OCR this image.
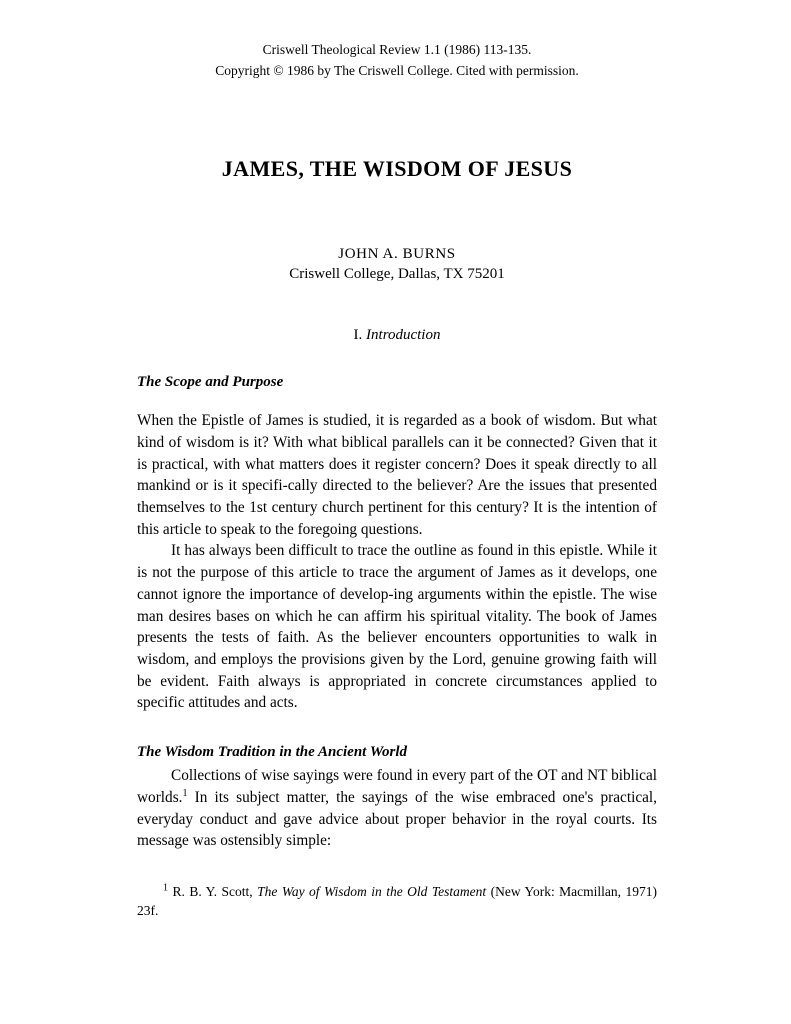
Criswell Theological Review 1.1 (1986) 113-135.
Copyright © 1986 by The Criswell College. Cited with permission.
JAMES, THE WISDOM OF JESUS
JOHN A. BURNS
Criswell College, Dallas, TX 75201
I. Introduction
The Scope and Purpose

When the Epistle of James is studied, it is regarded as a book of wisdom. But what kind of wisdom is it? With what biblical parallels can it be connected? Given that it is practical, with what matters does it register concern? Does it speak directly to all mankind or is it specifi-cally directed to the believer? Are the issues that presented themselves to the 1st century church pertinent for this century? It is the intention of this article to speak to the foregoing questions.

It has always been difficult to trace the outline as found in this epistle. While it is not the purpose of this article to trace the argument of James as it develops, one cannot ignore the importance of develop-ing arguments within the epistle. The wise man desires bases on which he can affirm his spiritual vitality. The book of James presents the tests of faith. As the believer encounters opportunities to walk in wisdom, and employs the provisions given by the Lord, genuine growing faith will be evident. Faith always is appropriated in concrete circumstances applied to specific attitudes and acts.

The Wisdom Tradition in the Ancient World

Collections of wise sayings were found in every part of the OT and NT biblical worlds.$^1$ In its subject matter, the sayings of the wise embraced one's practical, everyday conduct and gave advice about proper behavior in the royal courts. Its message was ostensibly simple:

$^1$ R. B. Y. Scott, The Way of Wisdom in the Old Testament (New York: Macmillan, 1971) 23f.
